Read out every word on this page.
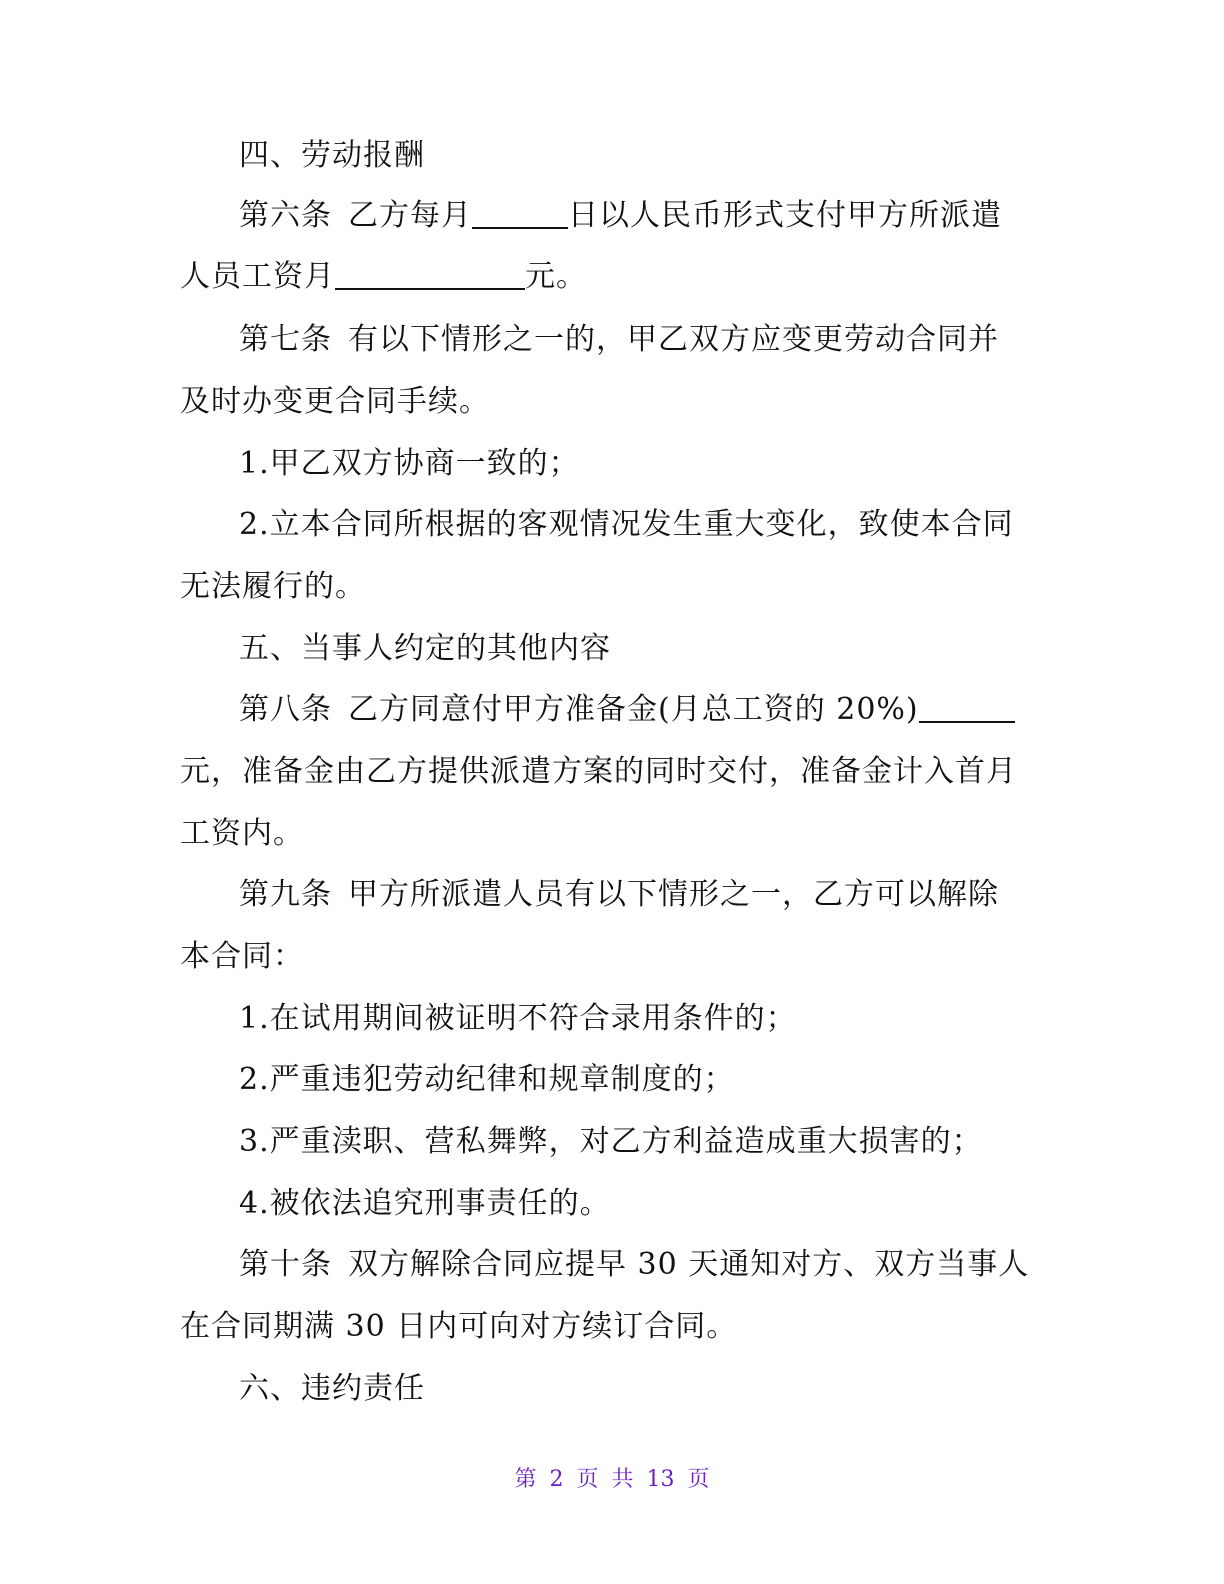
四、劳动报酬
第六条 乙方每月	日以人民币形式支付甲方所派遣
人员工资月	元。
第七条 有以下情形之一的，甲乙双方应变更劳动合同并
及时办变更合同手续。
1.甲乙双方协商一致的；
2.立本合同所根据的客观情况发生重大变化，致使本合同
无法履行的。
五、当事人约定的其他内容
第八条 乙方同意付甲方准备金(月总工资的 20%)
元，准备金由乙方提供派遣方案的同时交付，准备金计入首月
工资内。
第九条 甲方所派遣人员有以下情形之一，乙方可以解除
本合同：
1.在试用期间被证明不符合录用条件的；
2.严重违犯劳动纪律和规章制度的；
3.严重渎职、营私舞弊，对乙方利益造成重大损害的；
4.被依法追究刑事责任的。
第十条 双方解除合同应提早 30 天通知对方、双方当事人
在合同期满 30 日内可向对方续订合同。
六、违约责任
第 2 页 共 13 页
